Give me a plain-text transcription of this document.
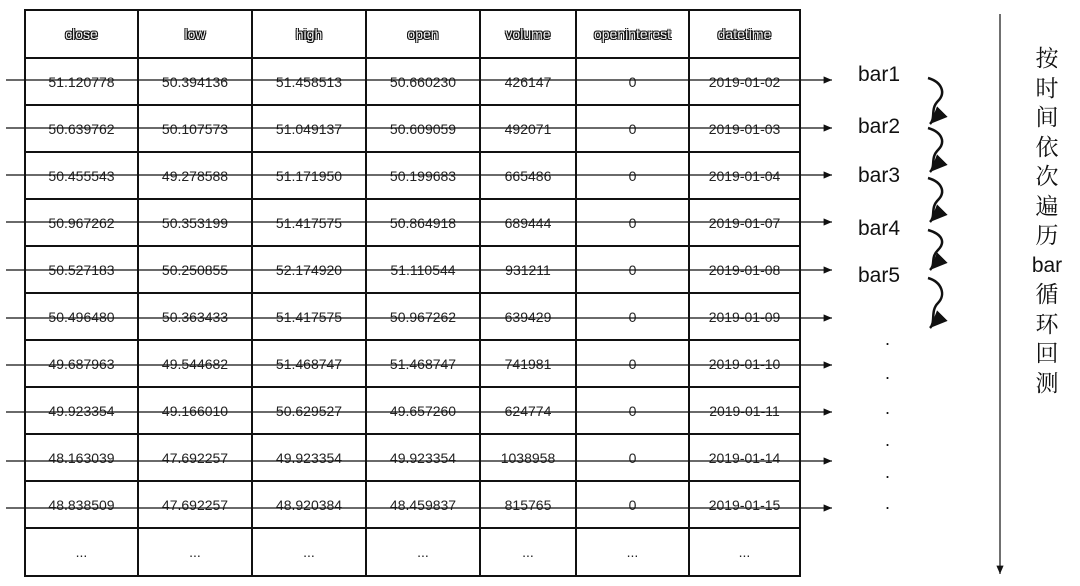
close	low	high	open	volume	openinterest	datetime
51.120778	50.394136	51.458513	50.660230	426147	0	2019-01-02
50.639762	50.107573	51.049137	50.609059	492071	0	2019-01-03
50.455543	49.278588	51.171950	50.199683	665486	0	2019-01-04
50.967262	50.353199	51.417575	50.864918	689444	0	2019-01-07
50.527183	50.250855	52.174920	51.110544	931211	0	2019-01-08
50.496480	50.363433	51.417575	50.967262	639429	0	2019-01-09
49.687963	49.544682	51.468747	51.468747	741981	0	2019-01-10
49.923354	49.166010	50.629527	49.657260	624774	0	2019-01-11
48.163039	47.692257	49.923354	49.923354	1038958	0	2019-01-14
48.838509	47.692257	48.920384	48.459837	815765	0	2019-01-15
...	...	...	...	...	...	...
bar1
bar2
bar3
bar4
bar5
按
时
间
依
次
遍
历
bar
循
环
回
测
.
.
.
.
.
.
